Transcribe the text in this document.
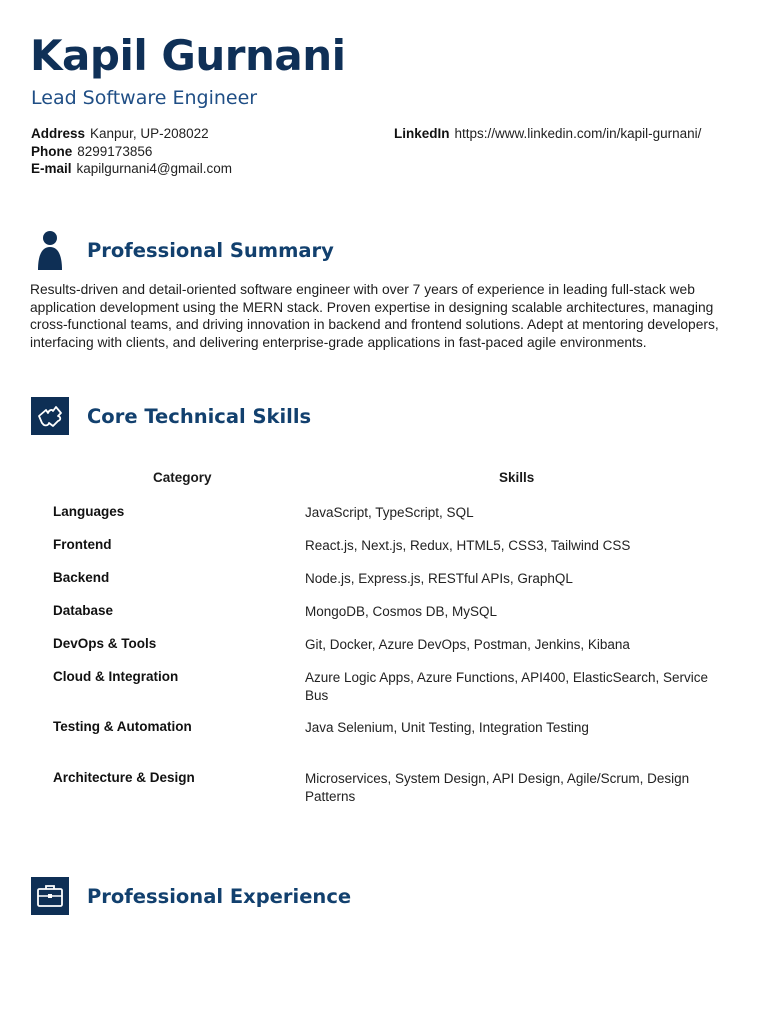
Kapil Gurnani
Lead Software Engineer
Address Kanpur, UP-208022
Phone 8299173856
E-mail kapilgurnani4@gmail.com
LinkedIn https://www.linkedin.com/in/kapil-gurnani/
Professional Summary

Results-driven and detail-oriented software engineer with over 7 years of experience in leading full-stack web application development using the MERN stack. Proven expertise in designing scalable architectures, managing cross-functional teams, and driving innovation in backend and frontend solutions. Adept at mentoring developers, interfacing with clients, and delivering enterprise-grade applications in fast-paced agile environments.

Core Technical Skills
Category	Skills
Languages	JavaScript, TypeScript, SQL
Frontend	React.js, Next.js, Redux, HTML5, CSS3, Tailwind CSS
Backend	Node.js, Express.js, RESTful APIs, GraphQL
Database	MongoDB, Cosmos DB, MySQL
DevOps & Tools	Git, Docker, Azure DevOps, Postman, Jenkins, Kibana
Cloud & Integration	Azure Logic Apps, Azure Functions, API400, ElasticSearch, Service Bus
Testing & Automation	Java Selenium, Unit Testing, Integration Testing
Architecture & Design	Microservices, System Design, API Design, Agile/Scrum, Design Patterns
Professional Experience
